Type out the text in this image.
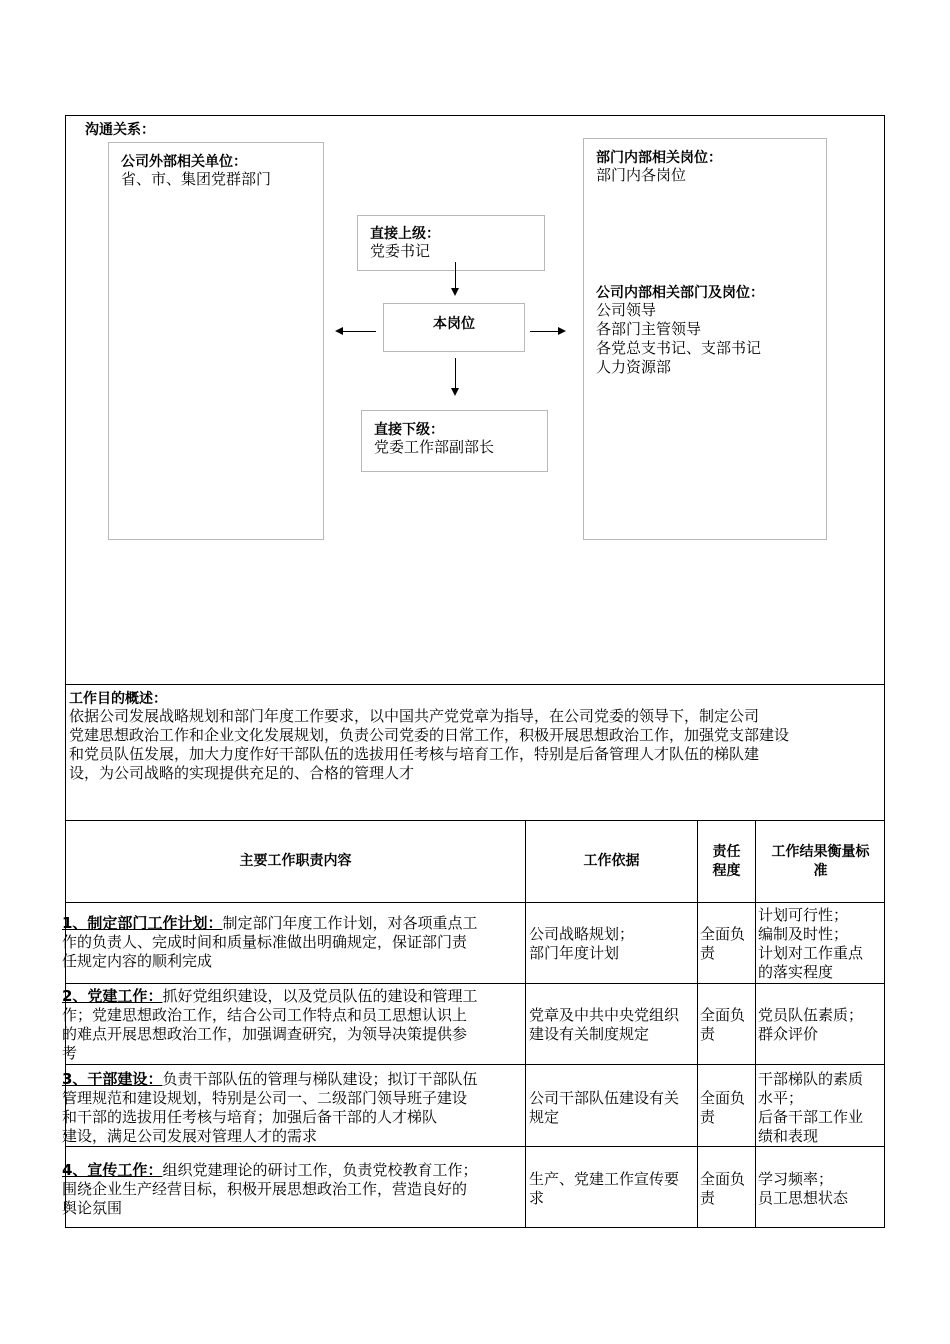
沟通关系：
公司外部相关单位：
省、市、集团党群部门
直接上级：
党委书记
本岗位
直接下级：
党委工作部副部长
部门内部相关岗位：
部门内各岗位
公司内部相关部门及岗位：
公司领导
各部门主管领导
各党总支书记、支部书记
人力资源部
工作目的概述：
依据公司发展战略规划和部门年度工作要求，以中国共产党党章为指导，在公司党委的领导下，制定公司
党建思想政治工作和企业文化发展规划，负责公司党委的日常工作，积极开展思想政治工作，加强党支部建设
和党员队伍发展，加大力度作好干部队伍的选拔用任考核与培育工作，特别是后备管理人才队伍的梯队建
设，为公司战略的实现提供充足的、合格的管理人才
主要工作职责内容	工作依据
责任
程度
工作结果衡量标
准
1、制定部门工作计划：制定部门年度工作计划，对各项重点工
作的负责人、完成时间和质量标准做出明确规定，保证部门责
任规定内容的顺利完成
公司战略规划；
部门年度计划
全面负
责
计划可行性；
编制及时性；
计划对工作重点
的落实程度
2、党建工作：抓好党组织建设，以及党员队伍的建设和管理工
作；党建思想政治工作，结合公司工作特点和员工思想认识上
的难点开展思想政治工作，加强调查研究，为领导决策提供参
考
党章及中共中央党组织
建设有关制度规定
全面负
责
党员队伍素质；
群众评价
3、干部建设：负责干部队伍的管理与梯队建设；拟订干部队伍
管理规范和建设规划，特别是公司一、二级部门领导班子建设
和干部的选拔用任考核与培育；加强后备干部的人才梯队
建设，满足公司发展对管理人才的需求
公司干部队伍建设有关
规定
全面负
责
干部梯队的素质
水平；
后备干部工作业
绩和表现
4、宣传工作：组织党建理论的研讨工作，负责党校教育工作；
围绕企业生产经营目标，积极开展思想政治工作，营造良好的
舆论氛围
生产、党建工作宣传要
求
全面负
责
学习频率；
员工思想状态
